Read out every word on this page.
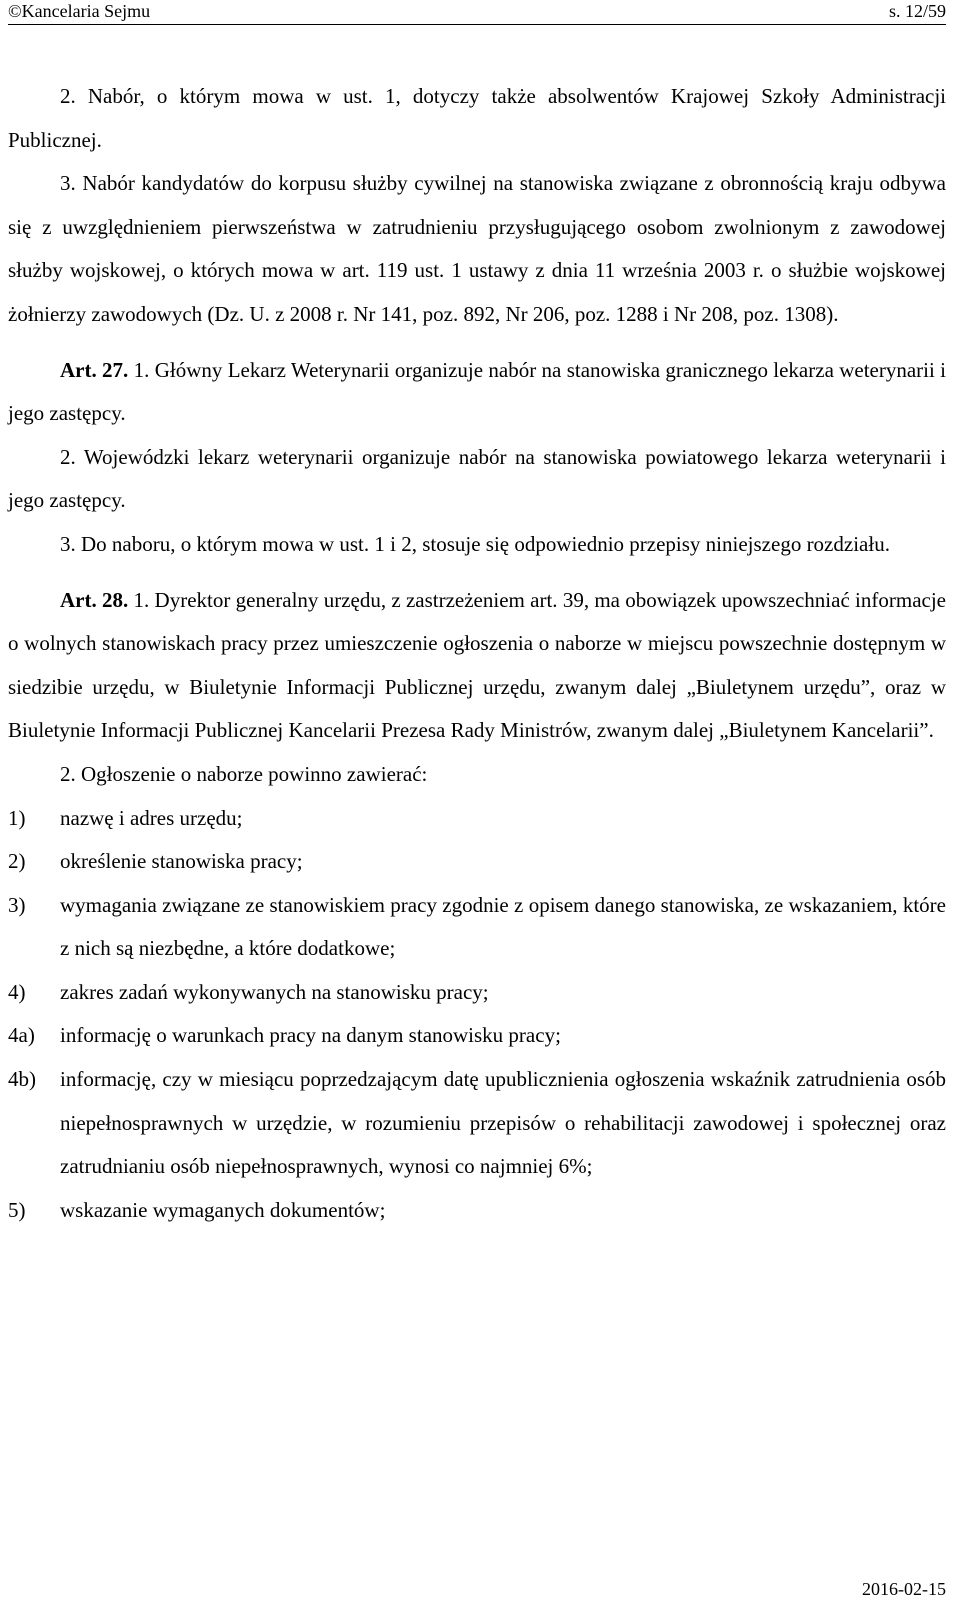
©Kancelaria Sejmu	s. 12/59

2. Nabór, o którym mowa w ust. 1, dotyczy także absolwentów Krajowej Szkoły Administracji Publicznej.

3. Nabór kandydatów do korpusu służby cywilnej na stanowiska związane z obronnością kraju odbywa się z uwzględnieniem pierwszeństwa w zatrudnieniu przysługującego osobom zwolnionym z zawodowej służby wojskowej, o których mowa w art. 119 ust. 1 ustawy z dnia 11 września 2003 r. o służbie wojskowej żołnierzy zawodowych (Dz. U. z 2008 r. Nr 141, poz. 892, Nr 206, poz. 1288 i Nr 208, poz. 1308).

Art. 27. 1. Główny Lekarz Weterynarii organizuje nabór na stanowiska granicznego lekarza weterynarii i jego zastępcy.

2. Wojewódzki lekarz weterynarii organizuje nabór na stanowiska powiatowego lekarza weterynarii i jego zastępcy.

3. Do naboru, o którym mowa w ust. 1 i 2, stosuje się odpowiednio przepisy niniejszego rozdziału.

Art. 28. 1. Dyrektor generalny urzędu, z zastrzeżeniem art. 39, ma obowiązek upowszechniać informacje o wolnych stanowiskach pracy przez umieszczenie ogłoszenia o naborze w miejscu powszechnie dostępnym w siedzibie urzędu, w Biuletynie Informacji Publicznej urzędu, zwanym dalej „Biuletynem urzędu”, oraz w Biuletynie Informacji Publicznej Kancelarii Prezesa Rady Ministrów, zwanym dalej „Biuletynem Kancelarii”.

2. Ogłoszenie o naborze powinno zawierać:

1)	nazwę i adres urzędu;
2)	określenie stanowiska pracy;
3)	wymagania związane ze stanowiskiem pracy zgodnie z opisem danego stanowiska, ze wskazaniem, które z nich są niezbędne, a które dodatkowe;
4)	zakres zadań wykonywanych na stanowisku pracy;
4a)	informację o warunkach pracy na danym stanowisku pracy;
4b)	informację, czy w miesiącu poprzedzającym datę upublicznienia ogłoszenia wskaźnik zatrudnienia osób niepełnosprawnych w urzędzie, w rozumieniu przepisów o rehabilitacji zawodowej i społecznej oraz zatrudnianiu osób niepełnosprawnych, wynosi co najmniej 6%;
5)	wskazanie wymaganych dokumentów;
2016-02-15
